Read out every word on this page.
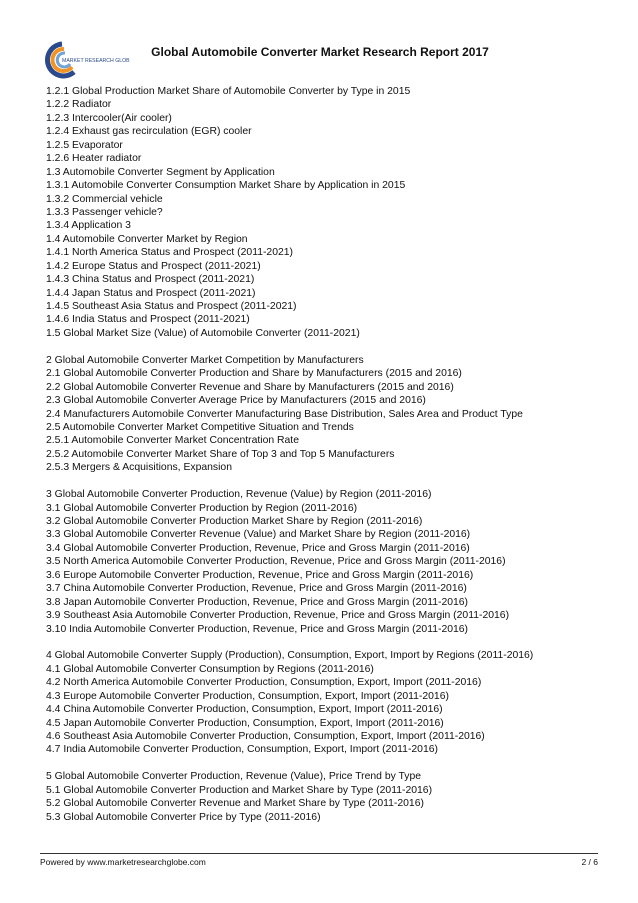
MARKET RESEARCH GLOBE
Global Automobile Converter Market Research Report 2017
1.2.1 Global Production Market Share of Automobile Converter by Type in 2015
1.2.2 Radiator
1.2.3 Intercooler(Air cooler)
1.2.4 Exhaust gas recirculation (EGR) cooler
1.2.5 Evaporator
1.2.6 Heater radiator
1.3 Automobile Converter Segment by Application
1.3.1 Automobile Converter Consumption Market Share by Application in 2015
1.3.2 Commercial vehicle
1.3.3 Passenger vehicle?
1.3.4 Application 3
1.4 Automobile Converter Market by Region
1.4.1 North America Status and Prospect (2011-2021)
1.4.2 Europe Status and Prospect (2011-2021)
1.4.3 China Status and Prospect (2011-2021)
1.4.4 Japan Status and Prospect (2011-2021)
1.4.5 Southeast Asia Status and Prospect (2011-2021)
1.4.6 India Status and Prospect (2011-2021)
1.5 Global Market Size (Value) of Automobile Converter (2011-2021)
2 Global Automobile Converter Market Competition by Manufacturers
2.1 Global Automobile Converter Production and Share by Manufacturers (2015 and 2016)
2.2 Global Automobile Converter Revenue and Share by Manufacturers (2015 and 2016)
2.3 Global Automobile Converter Average Price by Manufacturers (2015 and 2016)
2.4 Manufacturers Automobile Converter Manufacturing Base Distribution, Sales Area and Product Type
2.5 Automobile Converter Market Competitive Situation and Trends
2.5.1 Automobile Converter Market Concentration Rate
2.5.2 Automobile Converter Market Share of Top 3 and Top 5 Manufacturers
2.5.3 Mergers & Acquisitions, Expansion
3 Global Automobile Converter Production, Revenue (Value) by Region (2011-2016)
3.1 Global Automobile Converter Production by Region (2011-2016)
3.2 Global Automobile Converter Production Market Share by Region (2011-2016)
3.3 Global Automobile Converter Revenue (Value) and Market Share by Region (2011-2016)
3.4 Global Automobile Converter Production, Revenue, Price and Gross Margin (2011-2016)
3.5 North America Automobile Converter Production, Revenue, Price and Gross Margin (2011-2016)
3.6 Europe Automobile Converter Production, Revenue, Price and Gross Margin (2011-2016)
3.7 China Automobile Converter Production, Revenue, Price and Gross Margin (2011-2016)
3.8 Japan Automobile Converter Production, Revenue, Price and Gross Margin (2011-2016)
3.9 Southeast Asia Automobile Converter Production, Revenue, Price and Gross Margin (2011-2016)
3.10 India Automobile Converter Production, Revenue, Price and Gross Margin (2011-2016)
4 Global Automobile Converter Supply (Production), Consumption, Export, Import by Regions (2011-2016)
4.1 Global Automobile Converter Consumption by Regions (2011-2016)
4.2 North America Automobile Converter Production, Consumption, Export, Import (2011-2016)
4.3 Europe Automobile Converter Production, Consumption, Export, Import (2011-2016)
4.4 China Automobile Converter Production, Consumption, Export, Import (2011-2016)
4.5 Japan Automobile Converter Production, Consumption, Export, Import (2011-2016)
4.6 Southeast Asia Automobile Converter Production, Consumption, Export, Import (2011-2016)
4.7 India Automobile Converter Production, Consumption, Export, Import (2011-2016)
5 Global Automobile Converter Production, Revenue (Value), Price Trend by Type
5.1 Global Automobile Converter Production and Market Share by Type (2011-2016)
5.2 Global Automobile Converter Revenue and Market Share by Type (2011-2016)
5.3 Global Automobile Converter Price by Type (2011-2016)
Powered by www.marketresearchglobe.com	2 / 6
